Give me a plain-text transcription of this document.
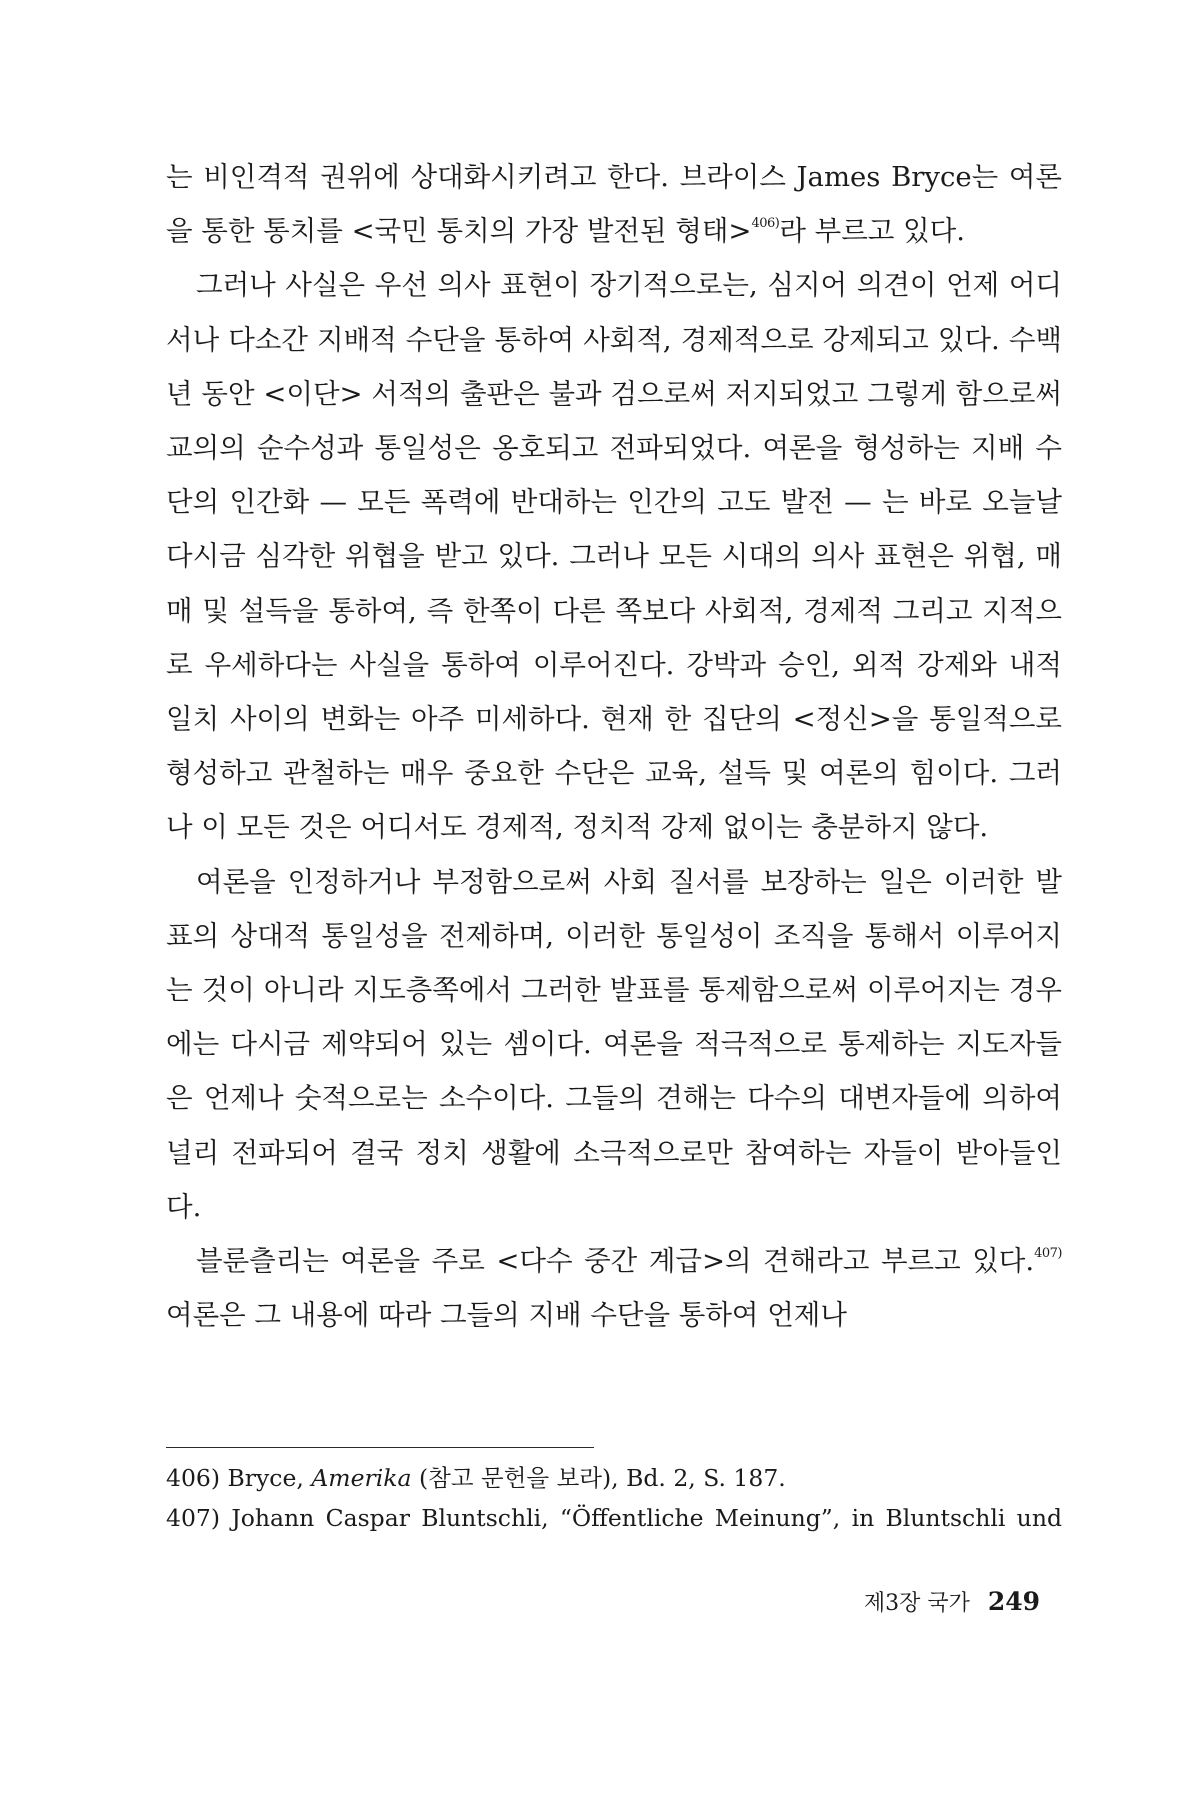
는 비인격적 권위에 상대화시키려고 한다. 브라이스 James Bryce는 여론을 통한 통치를 <국민 통치의 가장 발전된 형태>$^{406)}$라 부르고 있다.

그러나 사실은 우선 의사 표현이 장기적으로는, 심지어 의견이 언제 어디서나 다소간 지배적 수단을 통하여 사회적, 경제적으로 강제되고 있다. 수백 년 동안 <이단> 서적의 출판은 불과 검으로써 저지되었고 그렇게 함으로써 교의의 순수성과 통일성은 옹호되고 전파되었다. 여론을 형성하는 지배 수단의 인간화 — 모든 폭력에 반대하는 인간의 고도 발전 — 는 바로 오늘날 다시금 심각한 위협을 받고 있다. 그러나 모든 시대의 의사 표현은 위협, 매매 및 설득을 통하여, 즉 한쪽이 다른 쪽보다 사회적, 경제적 그리고 지적으로 우세하다는 사실을 통하여 이루어진다. 강박과 승인, 외적 강제와 내적 일치 사이의 변화는 아주 미세하다. 현재 한 집단의 <정신>을 통일적으로 형성하고 관철하는 매우 중요한 수단은 교육, 설득 및 여론의 힘이다. 그러나 이 모든 것은 어디서도 경제적, 정치적 강제 없이는 충분하지 않다.

여론을 인정하거나 부정함으로써 사회 질서를 보장하는 일은 이러한 발표의 상대적 통일성을 전제하며, 이러한 통일성이 조직을 통해서 이루어지는 것이 아니라 지도층쪽에서 그러한 발표를 통제함으로써 이루어지는 경우에는 다시금 제약되어 있는 셈이다. 여론을 적극적으로 통제하는 지도자들은 언제나 숫적으로는 소수이다. 그들의 견해는 다수의 대변자들에 의하여 널리 전파되어 결국 정치 생활에 소극적으로만 참여하는 자들이 받아들인다.

블룬츨리는 여론을 주로 <다수 중간 계급>의 견해라고 부르고 있다.$^{407)}$ 여론은 그 내용에 따라 그들의 지배 수단을 통하여 언제나

406) Bryce, Amerika (참고 문헌을 보라), Bd. 2, S. 187.
407) Johann Caspar Bluntschli, “Öffentliche Meinung”, in Bluntschli und
제3장 국가 249
